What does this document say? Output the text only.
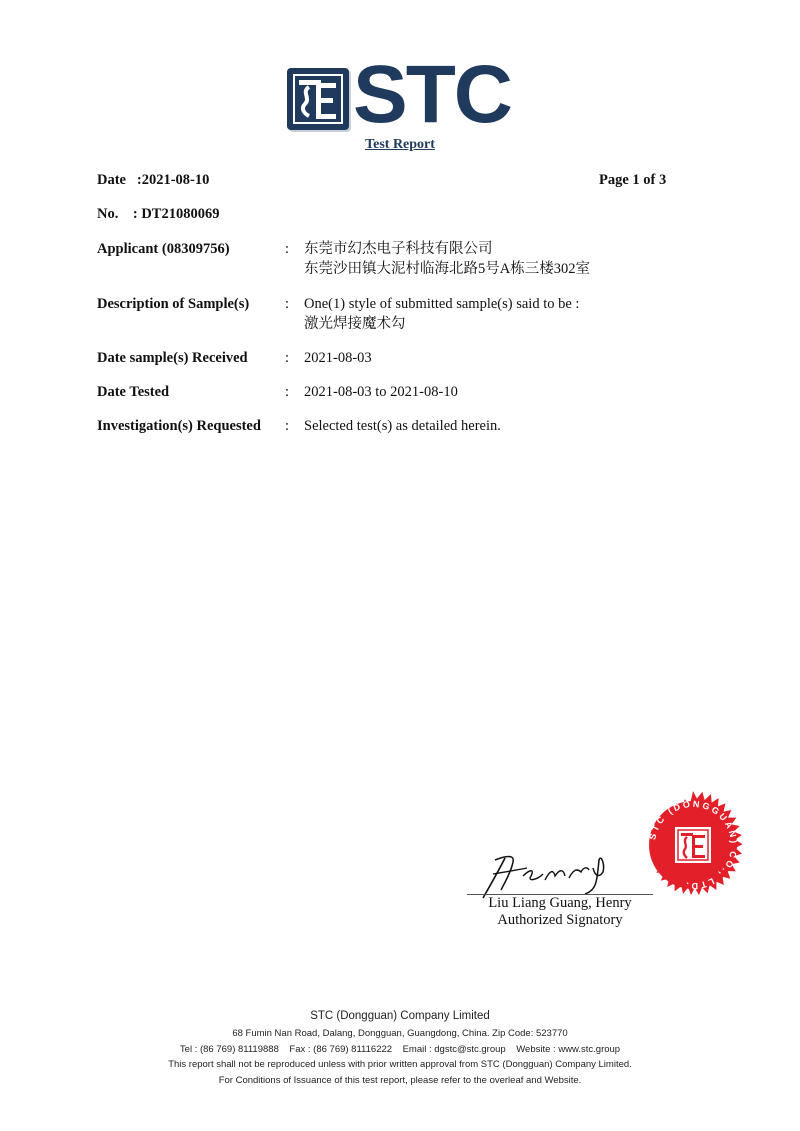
STC
Test Report
Date :2021-08-10	Page 1 of 3
No. : DT21080069
Applicant (08309756)	: 东莞市幻杰电子科技有限公司
东莞沙田镇大泥村临海北路5号A栋三楼302室
Description of Sample(s) : One(1) style of submitted sample(s) said to be :
激光焊接魔术勾
Date sample(s) Received	: 2021-08-03
Date Tested	: 2021-08-03 to 2021-08-10
Investigation(s) Requested : Selected test(s) as detailed herein.
Liu Liang Guang, Henry
Authorized Signatory
STC (DONGGUAN) CO., LTD.
STC (Dongguan) Company Limited
68 Fumin Nan Road, Dalang, Dongguan, Guangdong, China. Zip Code: 523770
Tel : (86 769) 81119888    Fax : (86 769) 81116222    Email : dgstc@stc.group    Website : www.stc.group
This report shall not be reproduced unless with prior written approval from STC (Dongguan) Company Limited.
For Conditions of Issuance of this test report, please refer to the overleaf and Website.
